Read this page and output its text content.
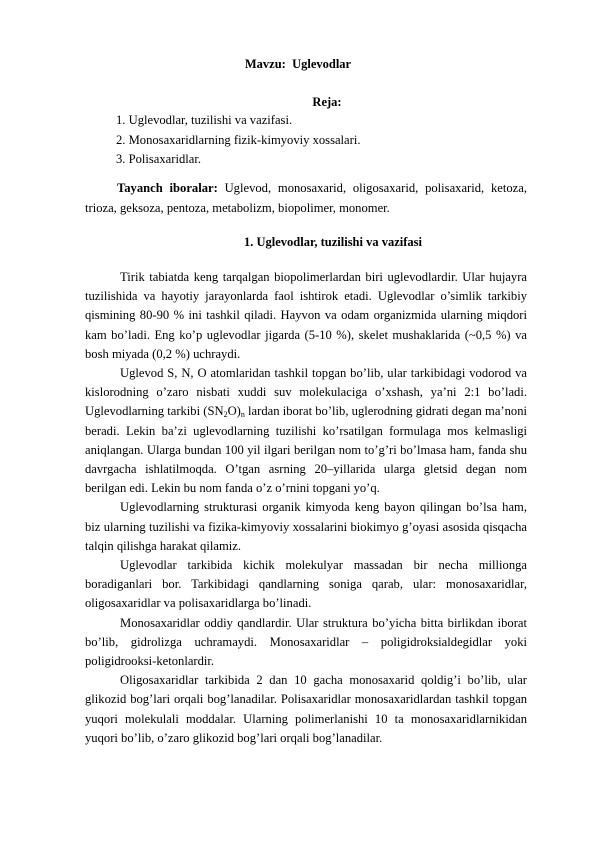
Mavzu:  Uglevodlar
Reja:
1. Uglevodlar, tuzilishi va vazifasi.
2. Monosaxaridlarning fizik-kimyoviy xossalari.
3. Polisaxaridlar.
Tayanch iboralar: Uglevod, monosaxarid, oligosaxarid, polisaxarid, ketoza, trioza, geksoza, pentoza, metabolizm, biopolimer, monomer.
1. Uglevodlar, tuzilishi va vazifasi

Tirik tabiatda keng tarqalgan biopolimerlardan biri uglevodlardir. Ular hujayra tuzilishida va hayotiy jarayonlarda faol ishtirok etadi. Uglevodlar o’simlik tarkibiy qismining 80-90 % ini tashkil qiladi. Hayvon va odam organizmida ularning miqdori kam bo’ladi. Eng ko’p uglevodlar jigarda (5-10 %), skelet mushaklarida (~0,5 %) va bosh miyada (0,2 %) uchraydi.

Uglevod S, N, O atomlaridan tashkil topgan bo’lib, ular tarkibidagi vodorod va kislorodning o’zaro nisbati xuddi suv molekulaciga o’xshash, ya’ni 2:1 bo’ladi. Uglevodlarning tarkibi $(SN_2O)_n$ lardan iborat bo’lib, uglerodning gidrati degan ma’noni beradi. Lekin ba’zi uglevodlarning tuzilishi ko’rsatilgan formulaga mos kelmasligi aniqlangan. Ularga bundan 100 yil ilgari berilgan nom to’g’ri bo’lmasa ham, fanda shu davrgacha ishlatilmoqda. O’tgan asrning 20–yillarida ularga gletsid degan nom berilgan edi. Lekin bu nom fanda o’z o’rnini topgani yo’q.

Uglevodlarning strukturasi organik kimyoda keng bayon qilingan bo’lsa ham, biz ularning tuzilishi va fizika-kimyoviy xossalarini biokimyo g’oyasi asosida qisqacha talqin qilishga harakat qilamiz.

Uglevodlar tarkibida kichik molekulyar massadan bir necha millionga boradiganlari bor. Tarkibidagi qandlarning soniga qarab, ular: monosaxaridlar, oligosaxaridlar va polisaxaridlarga bo’linadi.

Monosaxaridlar oddiy qandlardir. Ular struktura bo’yicha bitta birlikdan iborat bo’lib, gidrolizga uchramaydi. Monosaxaridlar – poligidroksialdegidlar yoki poligidrooksi-ketonlardir.

Oligosaxaridlar tarkibida 2 dan 10 gacha monosaxarid qoldig’i bo’lib, ular glikozid bog’lari orqali bog’lanadilar. Polisaxaridlar monosaxaridlardan tashkil topgan yuqori molekulali moddalar. Ularning polimerlanishi 10 ta monosaxaridlarnikidan yuqori bo’lib, o’zaro glikozid bog’lari orqali bog’lanadilar.
